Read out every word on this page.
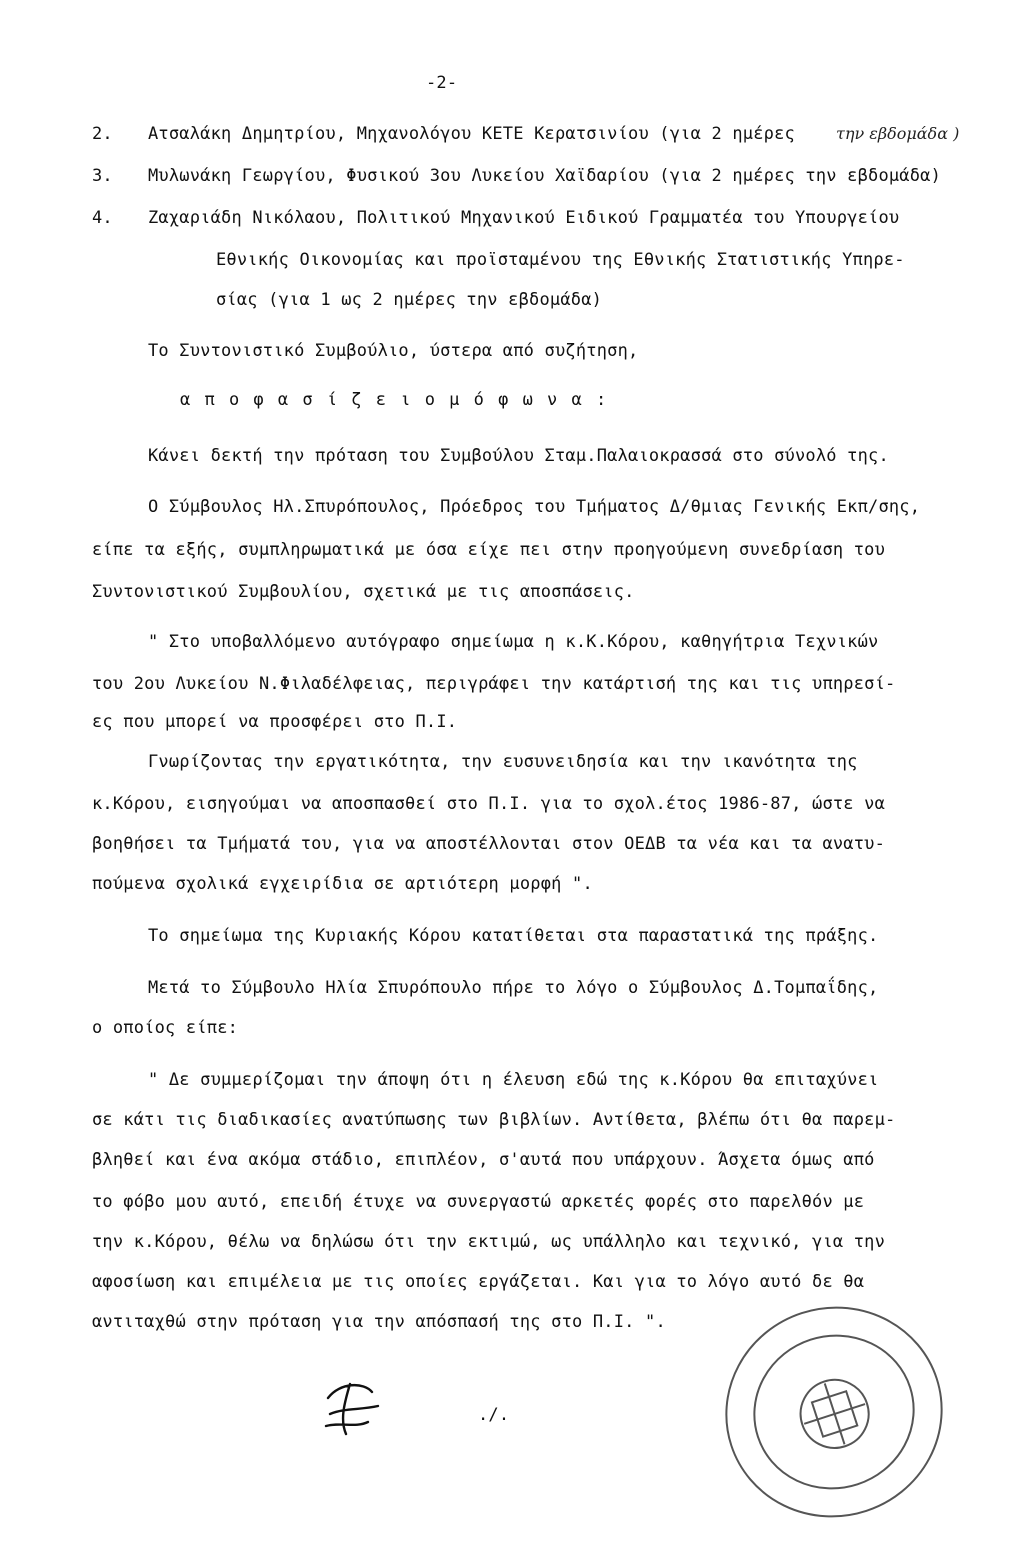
-2-
2. Ατσαλάκη Δημητρίου, Μηχανολόγου ΚΕΤΕ Κερατσινίου (για 2 ημέρες	την εβδομάδα )
3. Μυλωνάκη Γεωργίου, Φυσικού 3ου Λυκείου Χαϊδαρίου (για 2 ημέρες την εβδομάδα)
4. Ζαχαριάδη Νικόλαου, Πολιτικού Μηχανικού Ειδικού Γραμματέα του Υπουργείου
Εθνικής Οικονομίας και προϊσταμένου της Εθνικής Στατιστικής Υπηρε-
σίας (για 1 ως 2 ημέρες την εβδομάδα)
Το Συντονιστικό Συμβούλιο, ύστερα από συζήτηση,
α π ο φ α σ ί ζ ε ι ο μ ό φ ω ν α :
Κάνει δεκτή την πρόταση του Συμβούλου Σταμ.Παλαιοκρασσά στο σύνολό της.
Ο Σύμβουλος Ηλ.Σπυρόπουλος, Πρόεδρος του Τμήματος Δ/θμιας Γενικής Εκπ/σης,
είπε τα εξής, συμπληρωματικά με όσα είχε πει στην προηγούμενη συνεδρίαση του
Συντονιστικού Συμβουλίου, σχετικά με τις αποσπάσεις.
" Στο υποβαλλόμενο αυτόγραφο σημείωμα η κ.Κ.Κόρου, καθηγήτρια Τεχνικών
του 2ου Λυκείου Ν.Φιλαδέλφειας, περιγράφει την κατάρτισή της και τις υπηρεσί-
ες που μπορεί να προσφέρει στο Π.Ι.
Γνωρίζοντας την εργατικότητα, την ευσυνειδησία και την ικανότητα της
κ.Κόρου, εισηγούμαι να αποσπασθεί στο Π.Ι. για το σχολ.έτος 1986-87, ώστε να
βοηθήσει τα Τμήματά του, για να αποστέλλονται στον ΟΕΔΒ τα νέα και τα ανατυ-
πούμενα σχολικά εγχειρίδια σε αρτιότερη μορφή ".
Το σημείωμα της Κυριακής Κόρου κατατίθεται στα παραστατικά της πράξης.
Μετά το Σύμβουλο Ηλία Σπυρόπουλο πήρε το λόγο ο Σύμβουλος Δ.Τομπαΐδης,
ο οποίος είπε:
" Δε συμμερίζομαι την άποψη ότι η έλευση εδώ της κ.Κόρου θα επιταχύνει
σε κάτι τις διαδικασίες ανατύπωσης των βιβλίων. Αντίθετα, βλέπω ότι θα παρεμ-
βληθεί και ένα ακόμα στάδιο, επιπλέον, σ'αυτά που υπάρχουν. Άσχετα όμως από
το φόβο μου αυτό, επειδή έτυχε να συνεργαστώ αρκετές φορές στο παρελθόν με
την κ.Κόρου, θέλω να δηλώσω ότι την εκτιμώ, ως υπάλληλο και τεχνικό, για την
αφοσίωση και επιμέλεια με τις οποίες εργάζεται. Και για το λόγο αυτό δε θα
αντιταχθώ στην πρόταση για την απόσπασή της στο Π.Ι. ".
./.
